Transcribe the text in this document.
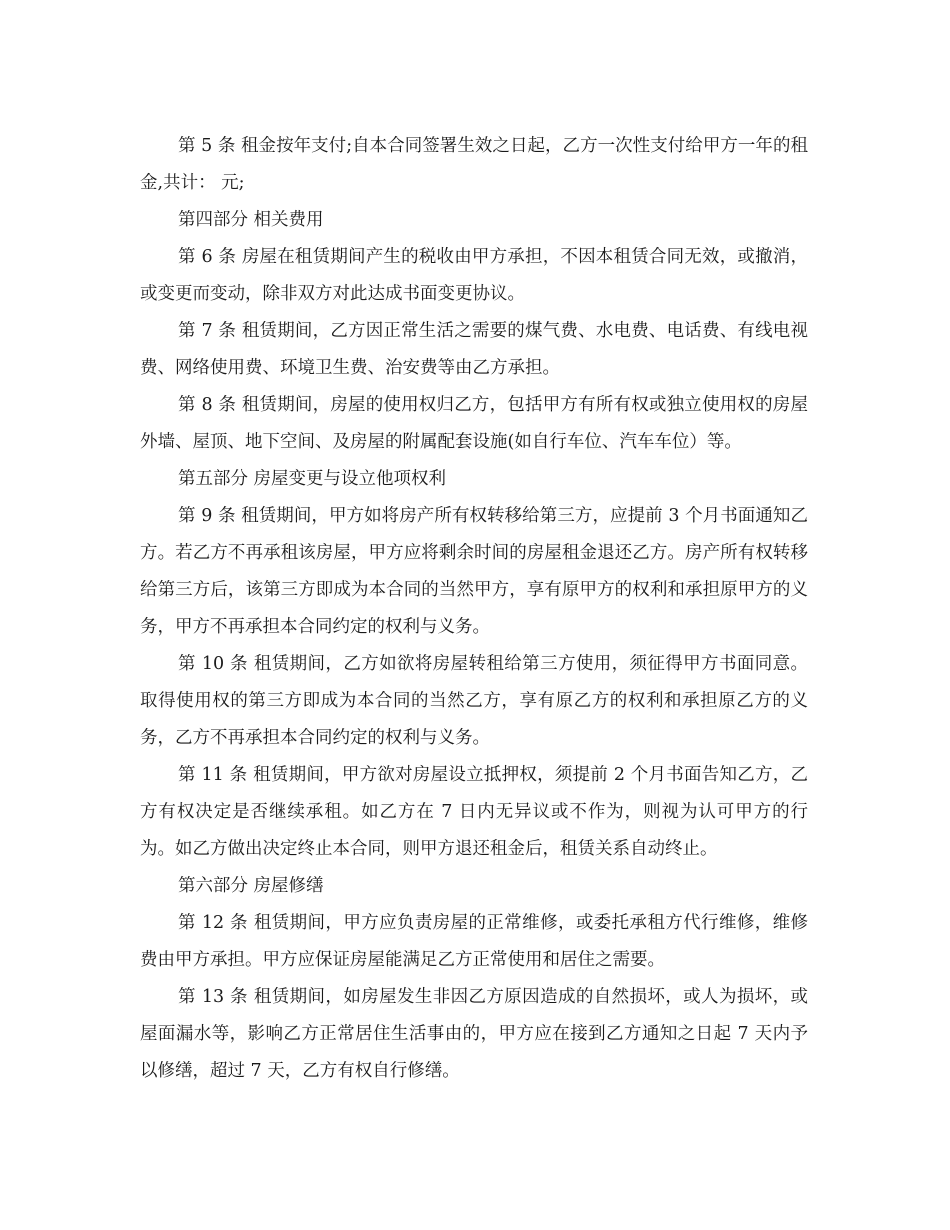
第 5 条 租金按年支付;自本合同签署生效之日起，乙方一次性支付给甲方一年的租金,共计： 元;

第四部分 相关费用

第 6 条 房屋在租赁期间产生的税收由甲方承担，不因本租赁合同无效，或撤消，或变更而变动，除非双方对此达成书面变更协议。

第 7 条 租赁期间，乙方因正常生活之需要的煤气费、水电费、电话费、有线电视费、网络使用费、环境卫生费、治安费等由乙方承担。

第 8 条 租赁期间，房屋的使用权归乙方，包括甲方有所有权或独立使用权的房屋外墙、屋顶、地下空间、及房屋的附属配套设施(如自行车位、汽车车位）等。

第五部分 房屋变更与设立他项权利

第 9 条 租赁期间，甲方如将房产所有权转移给第三方，应提前 3 个月书面通知乙方。若乙方不再承租该房屋，甲方应将剩余时间的房屋租金退还乙方。房产所有权转移给第三方后，该第三方即成为本合同的当然甲方，享有原甲方的权利和承担原甲方的义务，甲方不再承担本合同约定的权利与义务。

第 10 条 租赁期间，乙方如欲将房屋转租给第三方使用，须征得甲方书面同意。取得使用权的第三方即成为本合同的当然乙方，享有原乙方的权利和承担原乙方的义务，乙方不再承担本合同约定的权利与义务。

第 11 条 租赁期间，甲方欲对房屋设立抵押权，须提前 2 个月书面告知乙方，乙方有权决定是否继续承租。如乙方在 7 日内无异议或不作为，则视为认可甲方的行为。如乙方做出决定终止本合同，则甲方退还租金后，租赁关系自动终止。

第六部分 房屋修缮

第 12 条 租赁期间，甲方应负责房屋的正常维修，或委托承租方代行维修，维修费由甲方承担。甲方应保证房屋能满足乙方正常使用和居住之需要。

第 13 条 租赁期间，如房屋发生非因乙方原因造成的自然损坏，或人为损坏，或屋面漏水等，影响乙方正常居住生活事由的，甲方应在接到乙方通知之日起 7 天内予以修缮，超过 7 天，乙方有权自行修缮。
